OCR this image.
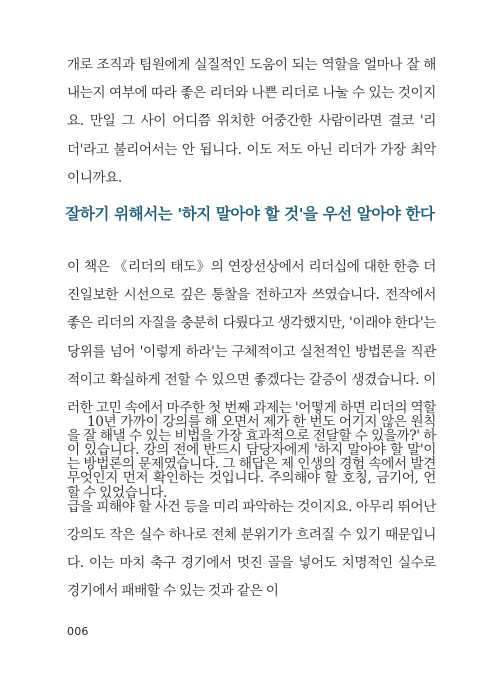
개로 조직과 팀원에게 실질적인 도움이 되는 역할을 얼마나 잘 해내는지 여부에 따라 좋은 리더와 나쁜 리더로 나눌 수 있는 것이지요. 만일 그 사이 어디쯤 위치한 어중간한 사람이라면 결코 '리더'라고 불리어서는 안 됩니다. 이도 저도 아닌 리더가 가장 최악이니까요.

잘하기 위해서는 '하지 말아야 할 것'을 우선 알아야 한다

이 책은 《리더의 태도》의 연장선상에서 리더십에 대한 한층 더 진일보한 시선으로 깊은 통찰을 전하고자 쓰였습니다. 전작에서 좋은 리더의 자질을 충분히 다뤘다고 생각했지만, '이래야 한다'는 당위를 넘어 '이렇게 하라'는 구체적이고 실천적인 방법론을 직관적이고 확실하게 전할 수 있으면 좋겠다는 갈증이 생겼습니다. 이러한 고민 속에서 마주한 첫 번째 과제는 '어떻게 하면 리더의 역할을 잘 해낼 수 있는 비법을 가장 효과적으로 전달할 수 있을까?' 하는 방법론의 문제였습니다. 그 해답은 제 인생의 경험 속에서 발견할 수 있었습니다.

10년 가까이 강의를 해 오면서 제가 한 번도 어기지 않은 원칙이 있습니다. 강의 전에 반드시 담당자에게 '하지 말아야 할 말'이 무엇인지 먼저 확인하는 것입니다. 주의해야 할 호칭, 금기어, 언급을 피해야 할 사건 등을 미리 파악하는 것이지요. 아무리 뛰어난 강의도 작은 실수 하나로 전체 분위기가 흐려질 수 있기 때문입니다. 이는 마치 축구 경기에서 멋진 골을 넣어도 치명적인 실수로 경기에서 패배할 수 있는 것과 같은 이

006
